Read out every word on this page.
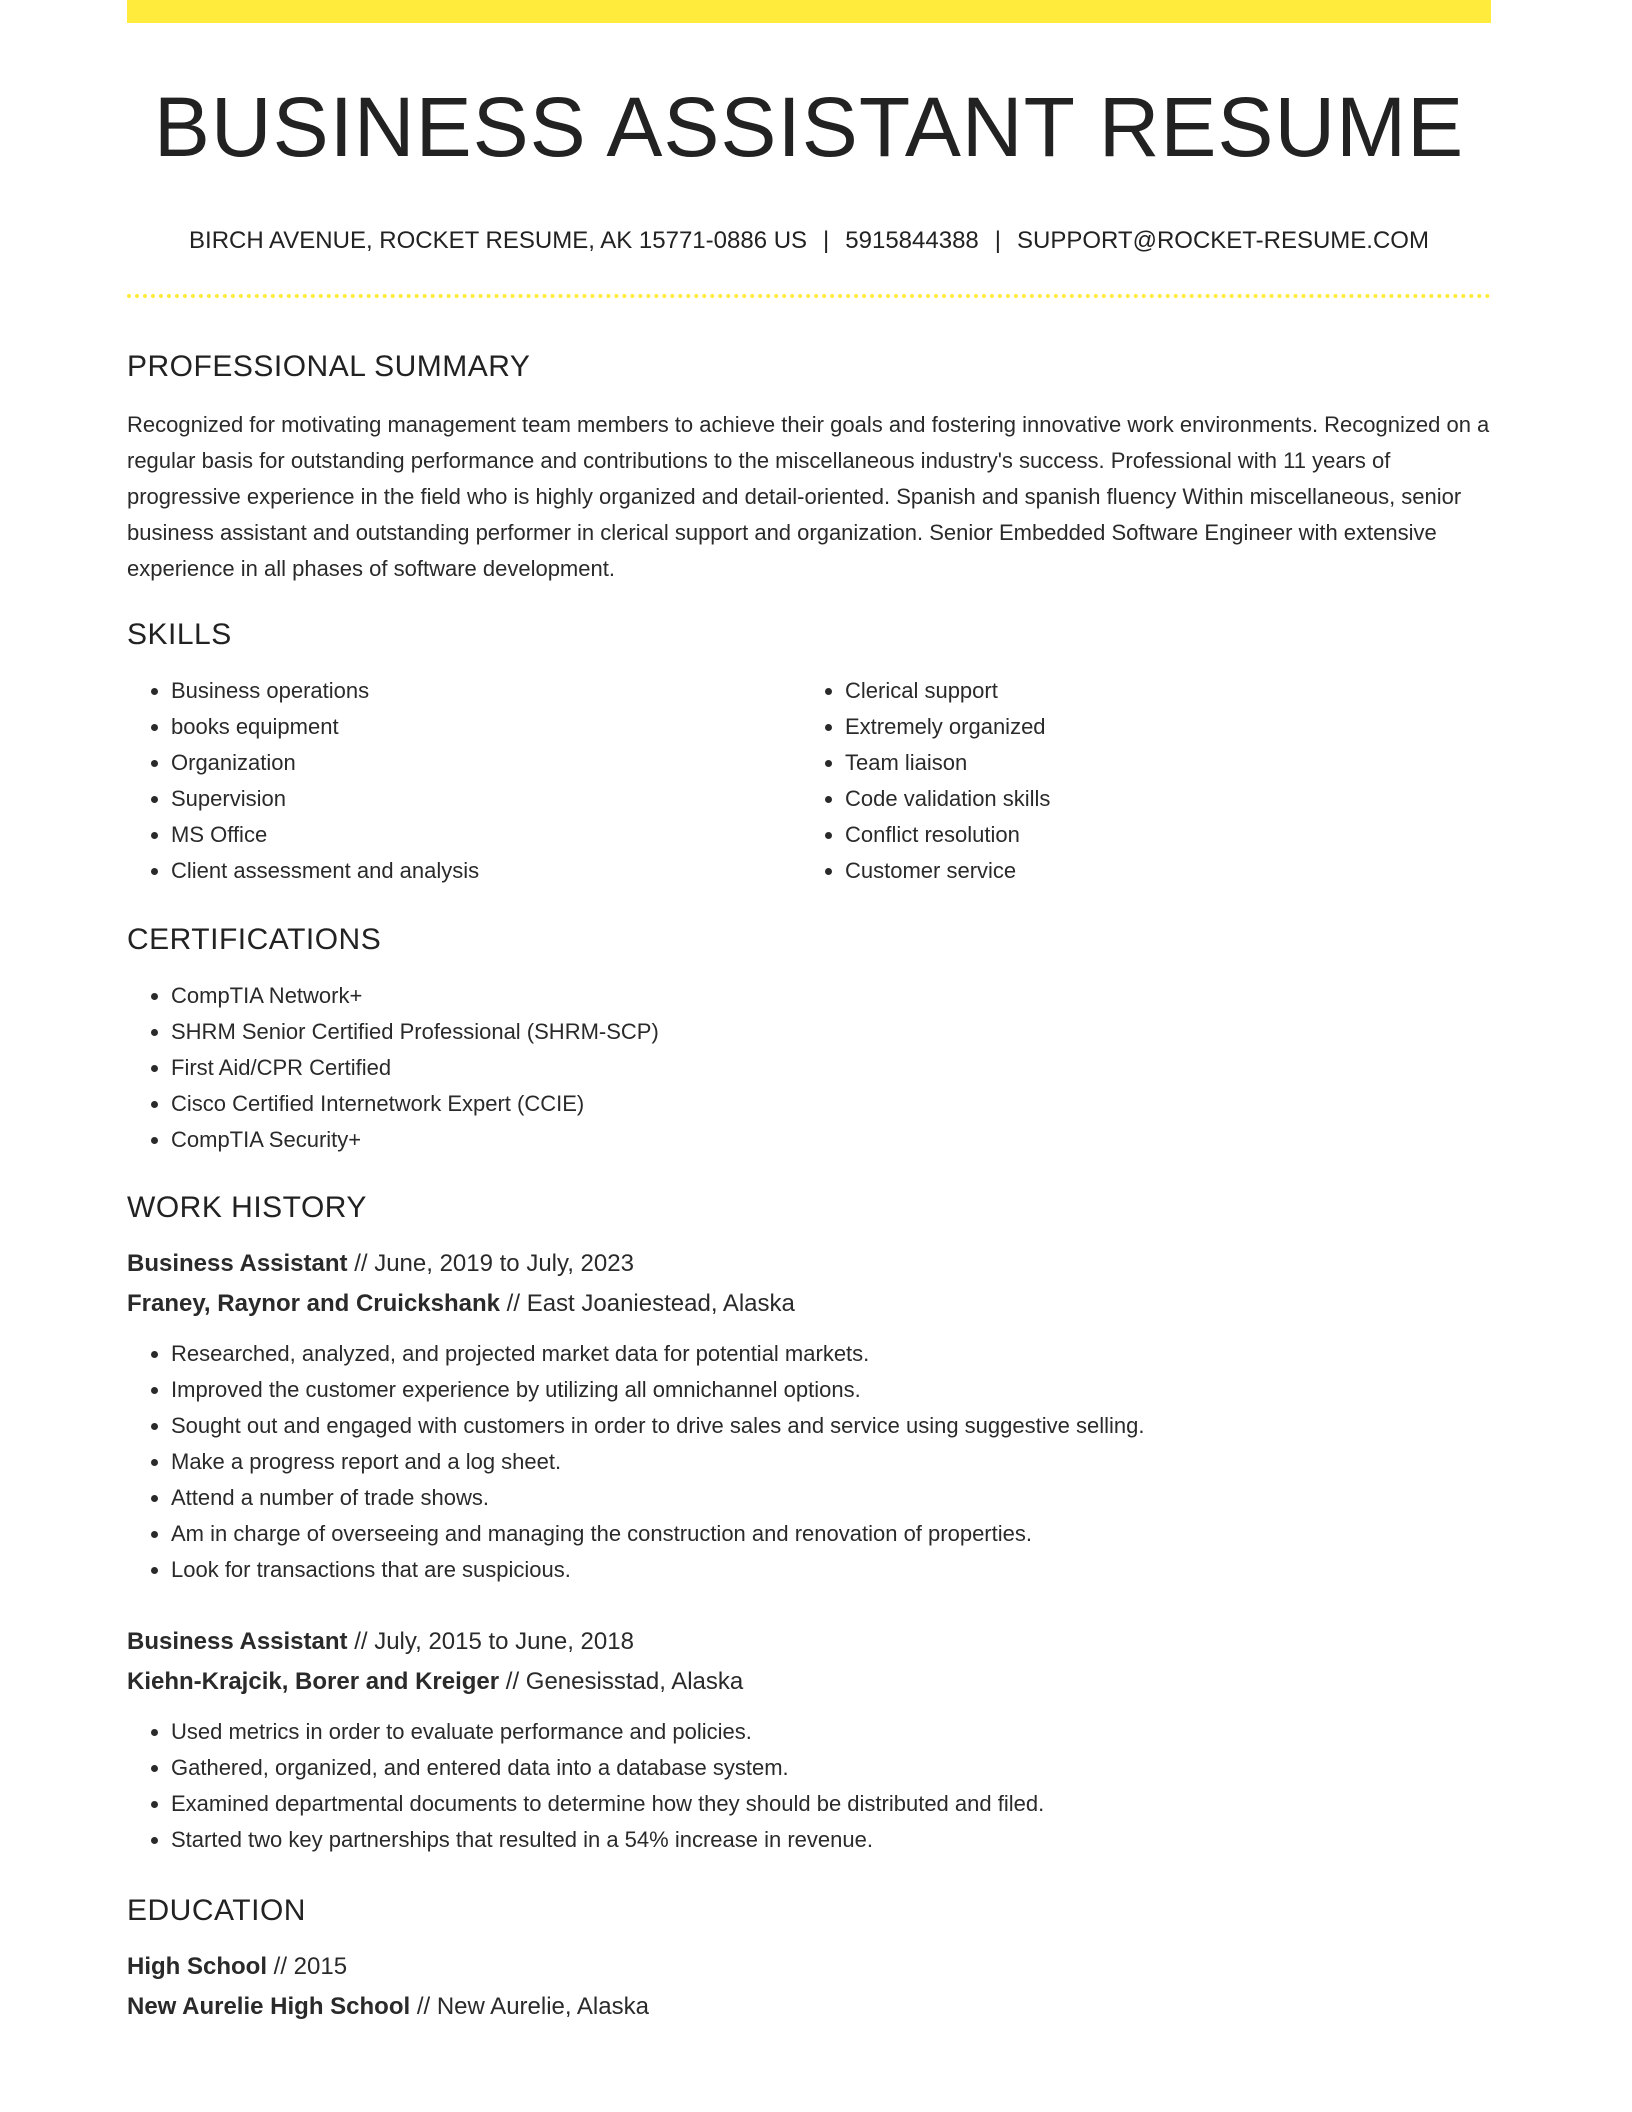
BUSINESS ASSISTANT RESUME
BIRCH AVENUE, ROCKET RESUME, AK 15771-0886 US | 5915844388 | SUPPORT@ROCKET-RESUME.COM
PROFESSIONAL SUMMARY
Recognized for motivating management team members to achieve their goals and fostering innovative work environments. Recognized on a regular basis for outstanding performance and contributions to the miscellaneous industry's success. Professional with 11 years of progressive experience in the field who is highly organized and detail-oriented. Spanish and spanish fluency Within miscellaneous, senior business assistant and outstanding performer in clerical support and organization. Senior Embedded Software Engineer with extensive experience in all phases of software development.
SKILLS
• Business operations
• books equipment
• Organization
• Supervision
• MS Office
• Client assessment and analysis
• Clerical support
• Extremely organized
• Team liaison
• Code validation skills
• Conflict resolution
• Customer service
CERTIFICATIONS
• CompTIA Network+
• SHRM Senior Certified Professional (SHRM-SCP)
• First Aid/CPR Certified
• Cisco Certified Internetwork Expert (CCIE)
• CompTIA Security+
WORK HISTORY
Business Assistant // June, 2019 to July, 2023
Franey, Raynor and Cruickshank // East Joaniestead, Alaska
• Researched, analyzed, and projected market data for potential markets.
• Improved the customer experience by utilizing all omnichannel options.
• Sought out and engaged with customers in order to drive sales and service using suggestive selling.
• Make a progress report and a log sheet.
• Attend a number of trade shows.
• Am in charge of overseeing and managing the construction and renovation of properties.
• Look for transactions that are suspicious.
Business Assistant // July, 2015 to June, 2018
Kiehn-Krajcik, Borer and Kreiger // Genesisstad, Alaska
• Used metrics in order to evaluate performance and policies.
• Gathered, organized, and entered data into a database system.
• Examined departmental documents to determine how they should be distributed and filed.
• Started two key partnerships that resulted in a 54% increase in revenue.
EDUCATION
High School // 2015
New Aurelie High School // New Aurelie, Alaska
